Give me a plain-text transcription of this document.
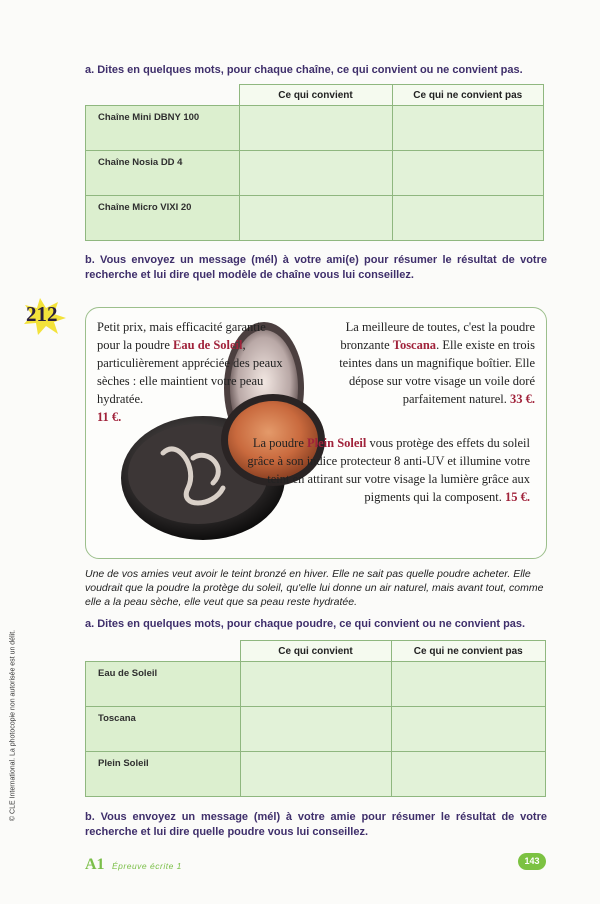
a. Dites en quelques mots, pour chaque chaîne, ce qui convient ou ne convient pas.
	Ce qui convient	Ce qui ne convient pas
Chaîne Mini DBNY 100		
Chaîne Nosia DD 4		
Chaîne Micro VIXI 20		
b. Vous envoyez un message (mél) à votre ami(e) pour résumer le résultat de votre recherche et lui dire quel modèle de chaîne vous lui conseillez.
212
Petit prix, mais efficacité garantie pour la poudre Eau de Soleil, particulièrement appréciée des peaux sèches : elle maintient votre peau hydratée.
11 €.
La meilleure de toutes, c'est la poudre bronzante Toscana. Elle existe en trois teintes dans un magnifique boîtier. Elle dépose sur votre visage un voile doré parfaitement naturel. 33 €.
La poudre Plein Soleil vous protège des effets du soleil grâce à son indice protecteur 8 anti-UV et illumine votre teint en attirant sur votre visage la lumière grâce aux pigments qui la composent. 15 €.
Une de vos amies veut avoir le teint bronzé en hiver. Elle ne sait pas quelle poudre acheter. Elle voudrait que la poudre la protège du soleil, qu'elle lui donne un air naturel, mais avant tout, comme elle a la peau sèche, elle veut que sa peau reste hydratée.
a. Dites en quelques mots, pour chaque poudre, ce qui convient ou ne convient pas.
	Ce qui convient	Ce qui ne convient pas
Eau de Soleil		
Toscana		
Plein Soleil		
b. Vous envoyez un message (mél) à votre amie pour résumer le résultat de votre recherche et lui dire quelle poudre vous lui conseillez.
© CLE International. La photocopie non autorisée est un délit.
A1 Épreuve écrite 1	143
